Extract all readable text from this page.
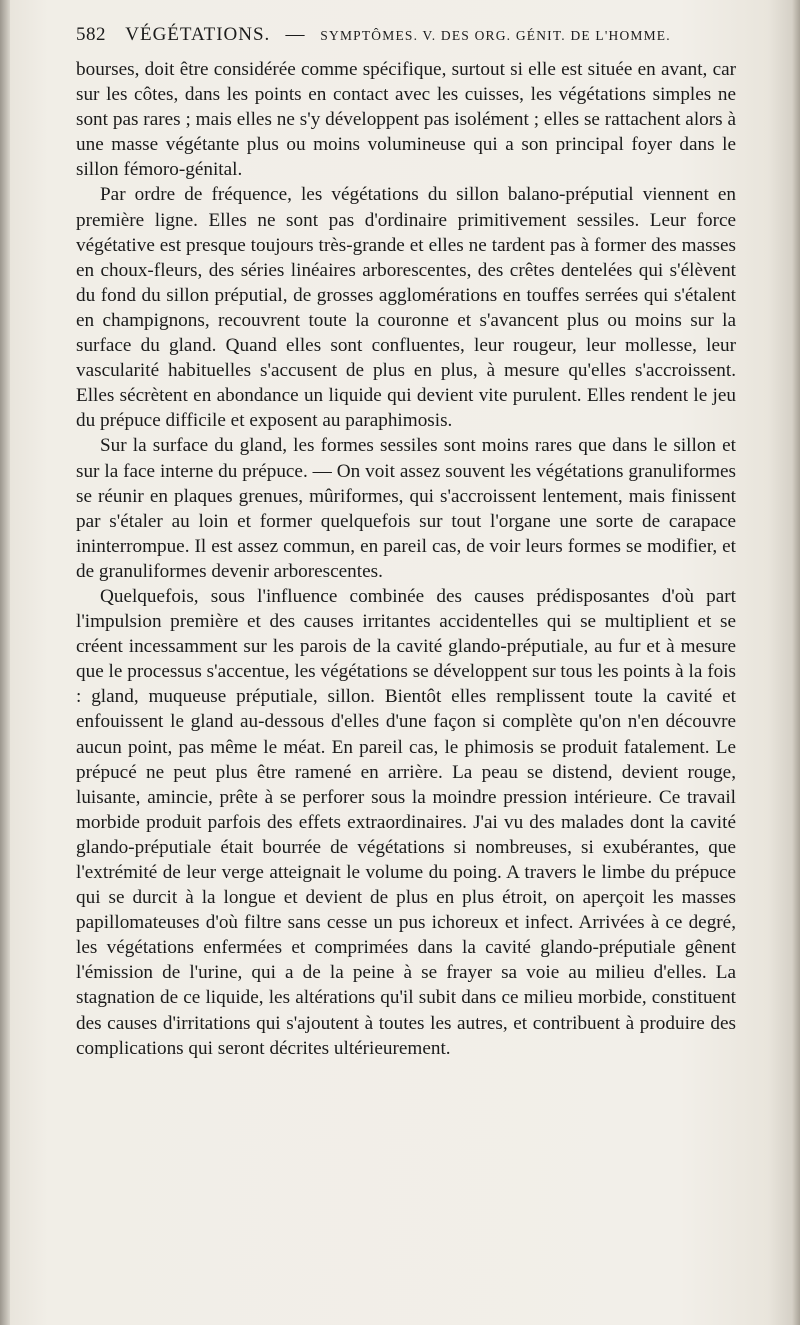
582 VÉGÉTATIONS. — SYMPTÔMES. V. DES ORG. GÉNIT. DE L'HOMME.

bourses, doit être considérée comme spécifique, surtout si elle est située en avant, car sur les côtes, dans les points en contact avec les cuisses, les végétations simples ne sont pas rares ; mais elles ne s'y développent pas isolément ; elles se rattachent alors à une masse végétante plus ou moins volumineuse qui a son principal foyer dans le sillon fémoro-génital.

Par ordre de fréquence, les végétations du sillon balano-préputial viennent en première ligne. Elles ne sont pas d'ordinaire primitivement sessiles. Leur force végétative est presque toujours très-grande et elles ne tardent pas à former des masses en choux-fleurs, des séries linéaires arborescentes, des crêtes dentelées qui s'élèvent du fond du sillon préputial, de grosses agglomérations en touffes serrées qui s'étalent en champignons, recouvrent toute la couronne et s'avancent plus ou moins sur la surface du gland. Quand elles sont confluentes, leur rougeur, leur mollesse, leur vascularité habituelles s'accusent de plus en plus, à mesure qu'elles s'accroissent. Elles sécrètent en abondance un liquide qui devient vite purulent. Elles rendent le jeu du prépuce difficile et exposent au paraphimosis.

Sur la surface du gland, les formes sessiles sont moins rares que dans le sillon et sur la face interne du prépuce. — On voit assez souvent les végétations granuliformes se réunir en plaques grenues, mûriformes, qui s'accroissent lentement, mais finissent par s'étaler au loin et former quelquefois sur tout l'organe une sorte de carapace ininterrompue. Il est assez commun, en pareil cas, de voir leurs formes se modifier, et de granuliformes devenir arborescentes.

Quelquefois, sous l'influence combinée des causes prédisposantes d'où part l'impulsion première et des causes irritantes accidentelles qui se multiplient et se créent incessamment sur les parois de la cavité glando-préputiale, au fur et à mesure que le processus s'accentue, les végétations se développent sur tous les points à la fois : gland, muqueuse préputiale, sillon. Bientôt elles remplissent toute la cavité et enfouissent le gland au-dessous d'elles d'une façon si complète qu'on n'en découvre aucun point, pas même le méat. En pareil cas, le phimosis se produit fatalement. Le prépucé ne peut plus être ramené en arrière. La peau se distend, devient rouge, luisante, amincie, prête à se perforer sous la moindre pression intérieure. Ce travail morbide produit parfois des effets extraordinaires. J'ai vu des malades dont la cavité glando-préputiale était bourrée de végétations si nombreuses, si exubérantes, que l'extrémité de leur verge atteignait le volume du poing. A travers le limbe du prépuce qui se durcit à la longue et devient de plus en plus étroit, on aperçoit les masses papillomateuses d'où filtre sans cesse un pus ichoreux et infect. Arrivées à ce degré, les végétations enfermées et comprimées dans la cavité glando-préputiale gênent l'émission de l'urine, qui a de la peine à se frayer sa voie au milieu d'elles. La stagnation de ce liquide, les altérations qu'il subit dans ce milieu morbide, constituent des causes d'irritations qui s'ajoutent à toutes les autres, et contribuent à produire des complications qui seront décrites ultérieurement.
